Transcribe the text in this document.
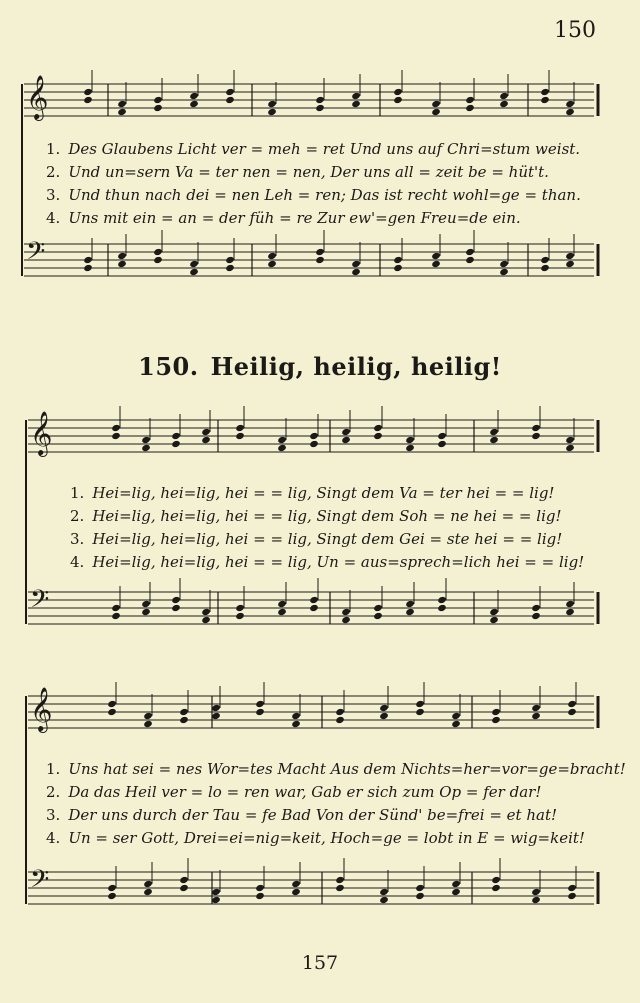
150
𝄞
𝄢
1. Des Glaubens Licht ver = meh = ret Und uns auf Chri=stum weist.
2. Und un=sern Va = ter nen = nen, Der uns all = zeit be = hüt't.
3. Und thun nach dei = nen Leh = ren; Das ist recht wohl=ge = than.
4. Uns mit ein = an = der füh = re Zur ew'=gen Freu=de ein.
150. Heilig, heilig, heilig!
𝄞
𝄢
1. Hei=lig, hei=lig, hei = = lig, Singt dem Va = ter hei = = lig!
2. Hei=lig, hei=lig, hei = = lig, Singt dem Soh = ne hei = = lig!
3. Hei=lig, hei=lig, hei = = lig, Singt dem Gei = ste hei = = lig!
4. Hei=lig, hei=lig, hei = = lig, Un = aus=sprech=lich hei = = lig!
𝄞
𝄢
1. Uns hat sei = nes Wor=tes Macht Aus dem Nichts=her=vor=ge=bracht!
2. Da das Heil ver = lo = ren war, Gab er sich zum Op = fer dar!
3. Der uns durch der Tau = fe Bad Von der Sünd' be=frei = et hat!
4. Un = ser Gott, Drei=ei=nig=keit, Hoch=ge = lobt in E = wig=keit!
157
